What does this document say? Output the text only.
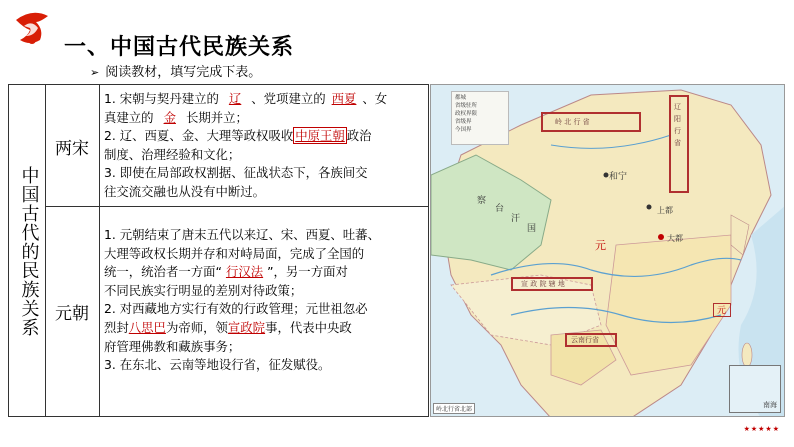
一、中国古代民族关系
➢ 阅读教材，填写完成下表。
中国古代的民族关系
两宋
元朝

1. 宋朝与契丹建立的 辽 、党项建立的 西夏 、女

真建立的 金 长期并立；

2. 辽、西夏、金、大理等政权吸收 中原王朝 政治

制度、治理经验和文化；

3. 即使在局部政权割据、征战状态下，各族间交

往交流交融也从没有中断过。

1. 元朝结束了唐末五代以来辽、宋、西夏、吐蕃、

大理等政权长期并存和对峙局面，完成了全国的

统一，统治者一方面“ 行汉法 ”，另一方面对

不同民族实行明显的差别对待政策；

2. 对西藏地方实行有效的行政管理；元世祖忽必

烈封八思巴为帝师，领宣政院事，代表中央政

府管理佛教和藏族事务；

3. 在东北、云南等地设行省，征发赋役。

都城
省级驻所
政权界限
省级界
今国界
岭 北 行 省
辽 阳 行 省
和宁
察
台
汗
国
上都
大都
元
宣 政 院 辖 地
云南行省
元
岭北行省北部
南海
★★★★★
